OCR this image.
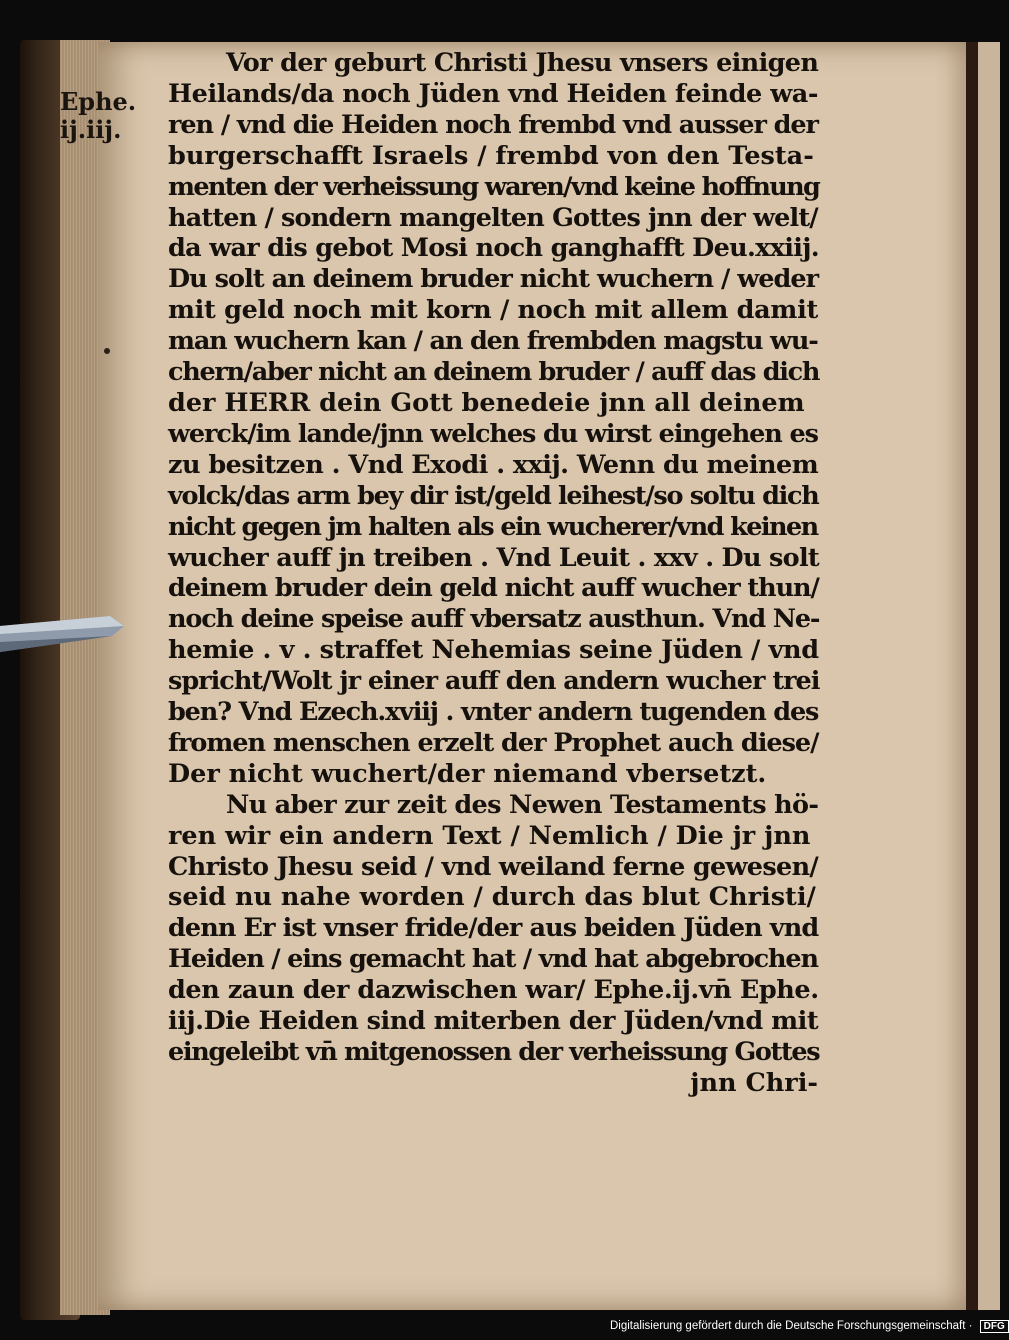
Ephe.
ij.iij.
Vor der geburt Christi Jhesu vnsers einigen
Heilands/da noch Jüden vnd Heiden feinde wa-
ren / vnd die Heiden noch frembd vnd ausser der
burgerschafft Israels / frembd von den Testa-
menten der verheissung waren/vnd keine hoffnung
hatten / sondern mangelten Gottes jnn der welt/
da war dis gebot Mosi noch ganghafft Deu.xxiij.
Du solt an deinem bruder nicht wuchern / weder
mit geld noch mit korn / noch mit allem damit
man wuchern kan / an den frembden magstu wu-
chern/aber nicht an deinem bruder / auff das dich
der HERR dein Gott benedeie jnn all deinem
werck/im lande/jnn welches du wirst eingehen es
zu besitzen . Vnd Exodi . xxij. Wenn du meinem
volck/das arm bey dir ist/geld leihest/so soltu dich
nicht gegen jm halten als ein wucherer/vnd keinen
wucher auff jn treiben . Vnd Leuit . xxv . Du solt
deinem bruder dein geld nicht auff wucher thun/
noch deine speise auff vbersatz austhun. Vnd Ne-
hemie . v . straffet Nehemias seine Jüden / vnd
spricht/Wolt jr einer auff den andern wucher trei
ben? Vnd Ezech.xviij . vnter andern tugenden des
fromen menschen erzelt der Prophet auch diese/
Der nicht wuchert/der niemand vbersetzt.
Nu aber zur zeit des Newen Testaments hö-
ren wir ein andern Text / Nemlich / Die jr jnn
Christo Jhesu seid / vnd weiland ferne gewesen/
seid nu nahe worden / durch das blut Christi/
denn Er ist vnser fride/der aus beiden Jüden vnd
Heiden / eins gemacht hat / vnd hat abgebrochen
den zaun der dazwischen war/ Ephe.ij.vn̄ Ephe.
iij.Die Heiden sind miterben der Jüden/vnd mit
eingeleibt vn̄ mitgenossen der verheissung Gottes
jnn Chri-
Digitalisierung gefördert durch die Deutsche Forschungsgemeinschaft · DFG
